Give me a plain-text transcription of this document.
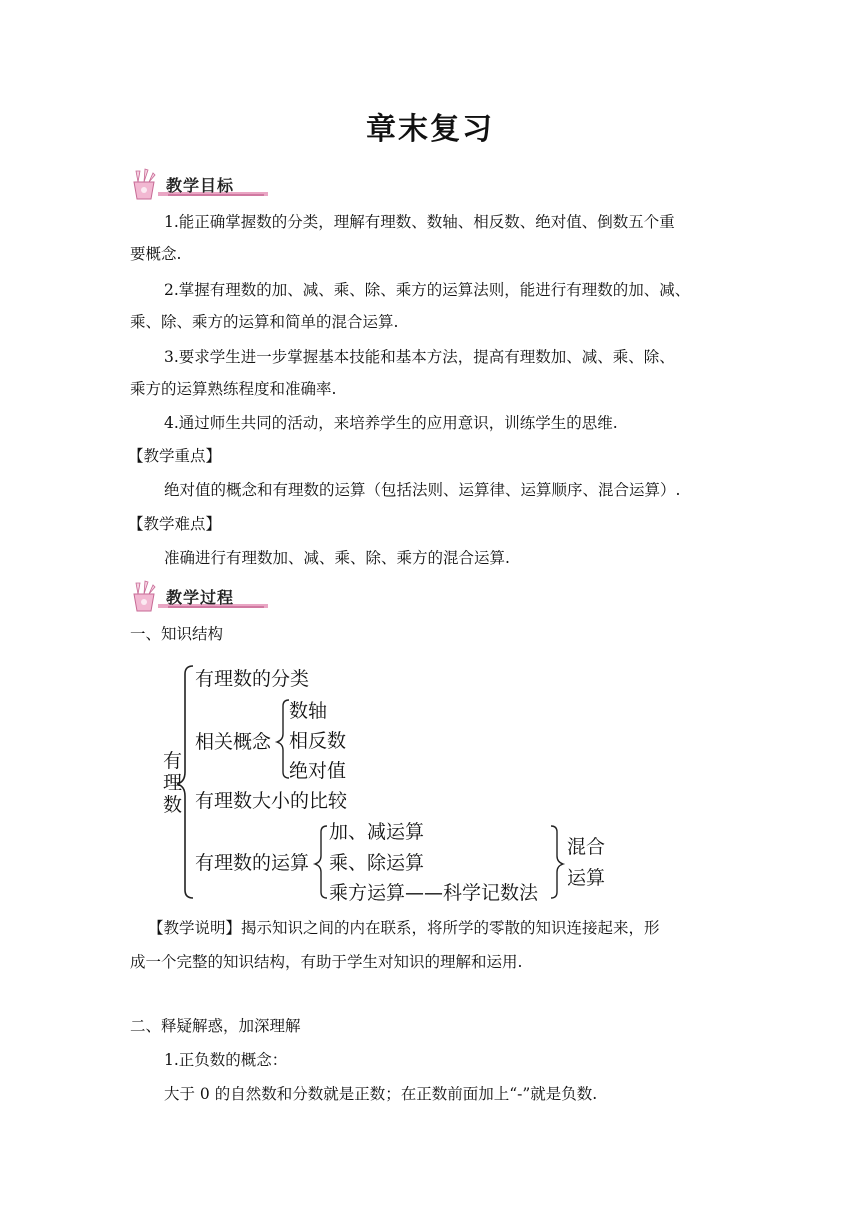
章末复习
教学目标
1.能正确掌握数的分类，理解有理数、数轴、相反数、绝对值、倒数五个重
要概念.
2.掌握有理数的加、减、乘、除、乘方的运算法则，能进行有理数的加、减、
乘、除、乘方的运算和简单的混合运算.
3.要求学生进一步掌握基本技能和基本方法，提高有理数加、减、乘、除、
乘方的运算熟练程度和准确率.
4.通过师生共同的活动，来培养学生的应用意识，训练学生的思维.
【教学重点】
绝对值的概念和有理数的运算（包括法则、运算律、运算顺序、混合运算）.
【教学难点】
准确进行有理数加、减、乘、除、乘方的混合运算.
教学过程
一、知识结构
有
理
数
有理数的分类
相关概念
数轴
相反数
绝对值
有理数大小的比较
有理数的运算
加、减运算
乘、除运算
乘方运算——科学记数法
混合
运算
【教学说明】揭示知识之间的内在联系，将所学的零散的知识连接起来，形
成一个完整的知识结构，有助于学生对知识的理解和运用.
二、释疑解惑，加深理解
1.正负数的概念：
大于 0 的自然数和分数就是正数；在正数前面加上“-”就是负数.
